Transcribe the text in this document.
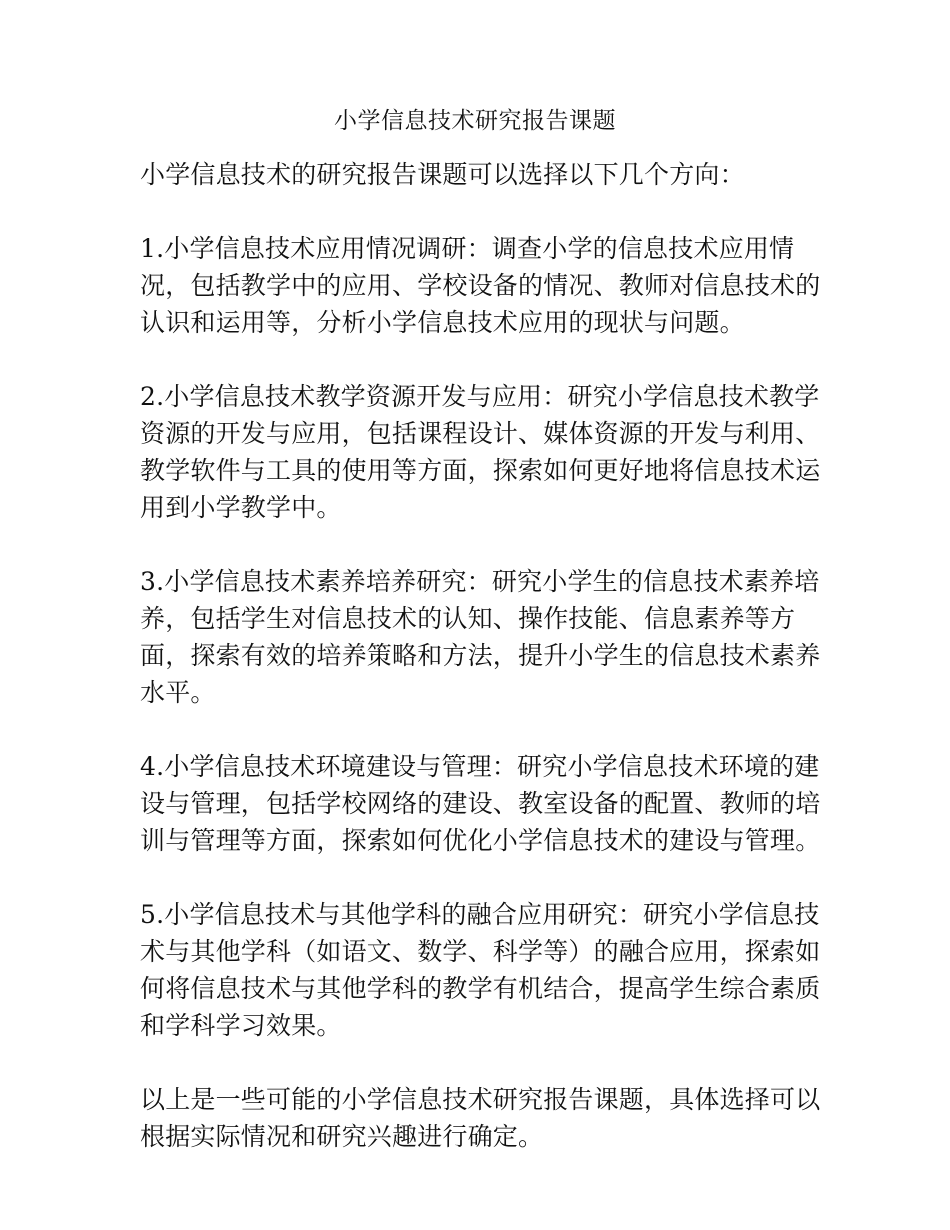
小学信息技术研究报告课题

小学信息技术的研究报告课题可以选择以下几个方向：

1.小学信息技术应用情况调研：调查小学的信息技术应用情况，包括教学中的应用、学校设备的情况、教师对信息技术的认识和运用等，分析小学信息技术应用的现状与问题。

2.小学信息技术教学资源开发与应用：研究小学信息技术教学资源的开发与应用，包括课程设计、媒体资源的开发与利用、教学软件与工具的使用等方面，探索如何更好地将信息技术运用到小学教学中。

3.小学信息技术素养培养研究：研究小学生的信息技术素养培养，包括学生对信息技术的认知、操作技能、信息素养等方面，探索有效的培养策略和方法，提升小学生的信息技术素养水平。

4.小学信息技术环境建设与管理：研究小学信息技术环境的建设与管理，包括学校网络的建设、教室设备的配置、教师的培训与管理等方面，探索如何优化小学信息技术的建设与管理。

5.小学信息技术与其他学科的融合应用研究：研究小学信息技术与其他学科（如语文、数学、科学等）的融合应用，探索如何将信息技术与其他学科的教学有机结合，提高学生综合素质和学科学习效果。

以上是一些可能的小学信息技术研究报告课题，具体选择可以根据实际情况和研究兴趣进行确定。
